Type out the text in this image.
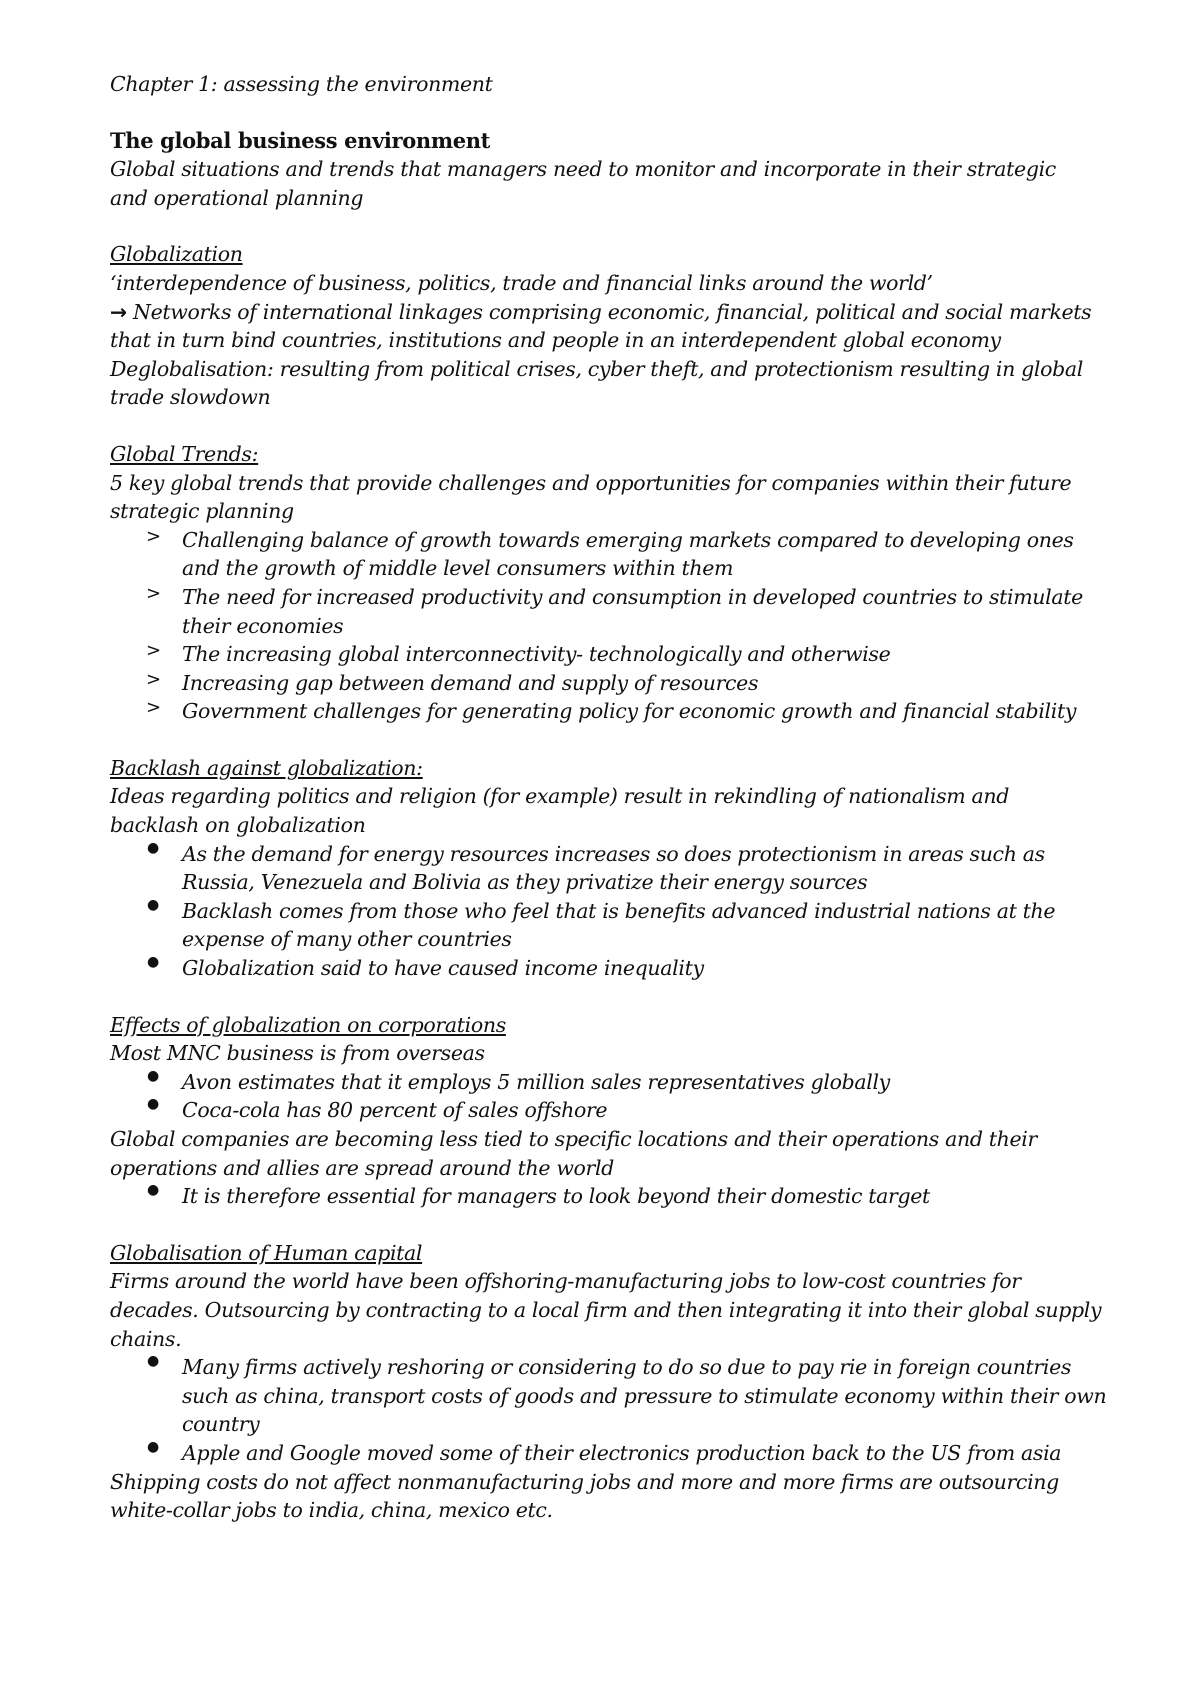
Chapter 1: assessing the environment
The global business environment
Global situations and trends that managers need to monitor and incorporate in their strategic
and operational planning
Globalization
‘interdependence of business, politics, trade and financial links around the world’
→ Networks of international linkages comprising economic, financial, political and social markets
that in turn bind countries, institutions and people in an interdependent global economy
Deglobalisation: resulting from political crises, cyber theft, and protectionism resulting in global
trade slowdown
Global Trends:
5 key global trends that provide challenges and opportunities for companies within their future
strategic planning
> Challenging balance of growth towards emerging markets compared to developing ones
and the growth of middle level consumers within them
> The need for increased productivity and consumption in developed countries to stimulate
their economies
> The increasing global interconnectivity- technologically and otherwise
> Increasing gap between demand and supply of resources
> Government challenges for generating policy for economic growth and financial stability
Backlash against globalization:
Ideas regarding politics and religion (for example) result in rekindling of nationalism and
backlash on globalization
● As the demand for energy resources increases so does protectionism in areas such as
Russia, Venezuela and Bolivia as they privatize their energy sources
● Backlash comes from those who feel that is benefits advanced industrial nations at the
expense of many other countries
● Globalization said to have caused income inequality
Effects of globalization on corporations
Most MNC business is from overseas
● Avon estimates that it employs 5 million sales representatives globally
● Coca-cola has 80 percent of sales offshore
Global companies are becoming less tied to specific locations and their operations and their
operations and allies are spread around the world
● It is therefore essential for managers to look beyond their domestic target
Globalisation of Human capital
Firms around the world have been offshoring-manufacturing jobs to low-cost countries for
decades. Outsourcing by contracting to a local firm and then integrating it into their global supply
chains.
● Many firms actively reshoring or considering to do so due to pay rie in foreign countries
such as china, transport costs of goods and pressure to stimulate economy within their own
country
● Apple and Google moved some of their electronics production back to the US from asia
Shipping costs do not affect nonmanufacturing jobs and more and more firms are outsourcing
white-collar jobs to india, china, mexico etc.
